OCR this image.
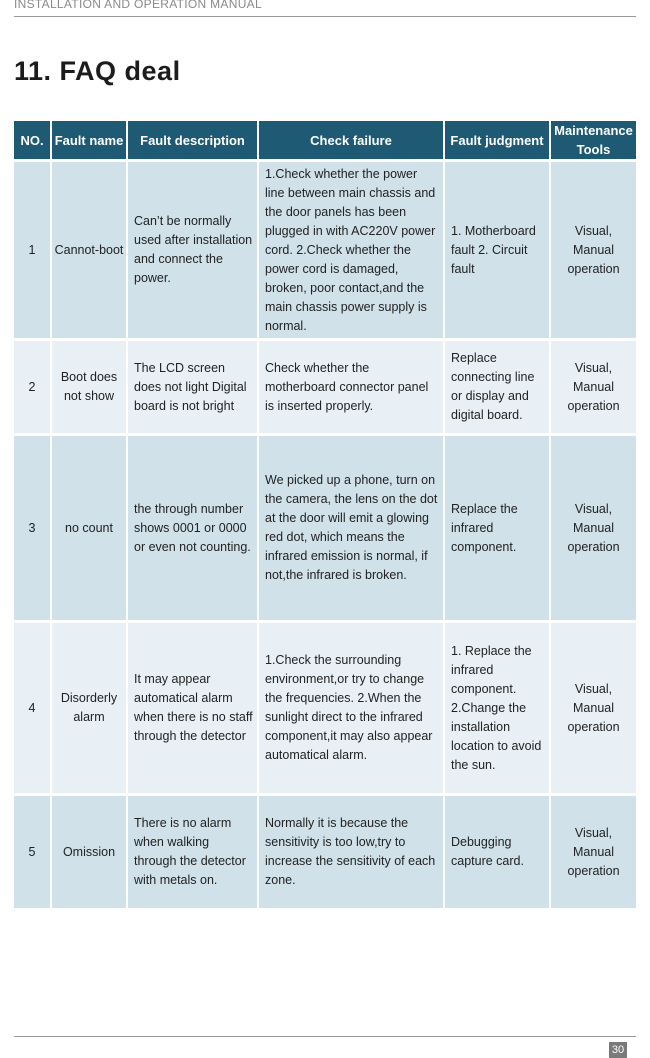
INSTALLATION AND OPERATION MANUAL
11. FAQ deal
NO.	Fault name	Fault description	Check failure	Fault judgment	Maintenance Tools

1	Cannot-boot	Can’t be normally used after installation and connect the power.	1.Check whether the power line between main chassis and the door panels has been plugged in with AC220V power cord. 2.Check whether the power cord is damaged, broken, poor contact,and the main chassis power supply is normal.	1. Motherboard fault 2. Circuit fault	Visual, Manual operation

2	Boot does not show	The LCD screen does not light Digital board is not bright	Check whether the motherboard connector panel is inserted properly.	Replace connecting line or display and digital board.	Visual, Manual operation

3	no count	the through number shows 0001 or 0000 or even not counting.	We picked up a phone, turn on the camera, the lens on the dot at the door will emit a glowing red dot, which means the infrared emission is normal, if not,the infrared is broken.	Replace the infrared component.	Visual, Manual operation

4	Disorderly alarm	It may appear automatical alarm when there is no staff through the detector	1.Check the surrounding environment,or try to change the frequencies. 2.When the sunlight direct to the infrared component,it may also appear automatical alarm.	1. Replace the infrared component. 2.Change the installation location to avoid the sun.	Visual, Manual operation

5	Omission	There is no alarm when walking through the detector with metals on.	Normally it is because the sensitivity is too low,try to increase the sensitivity of each zone.	Debugging capture card.	Visual, Manual operation
30
